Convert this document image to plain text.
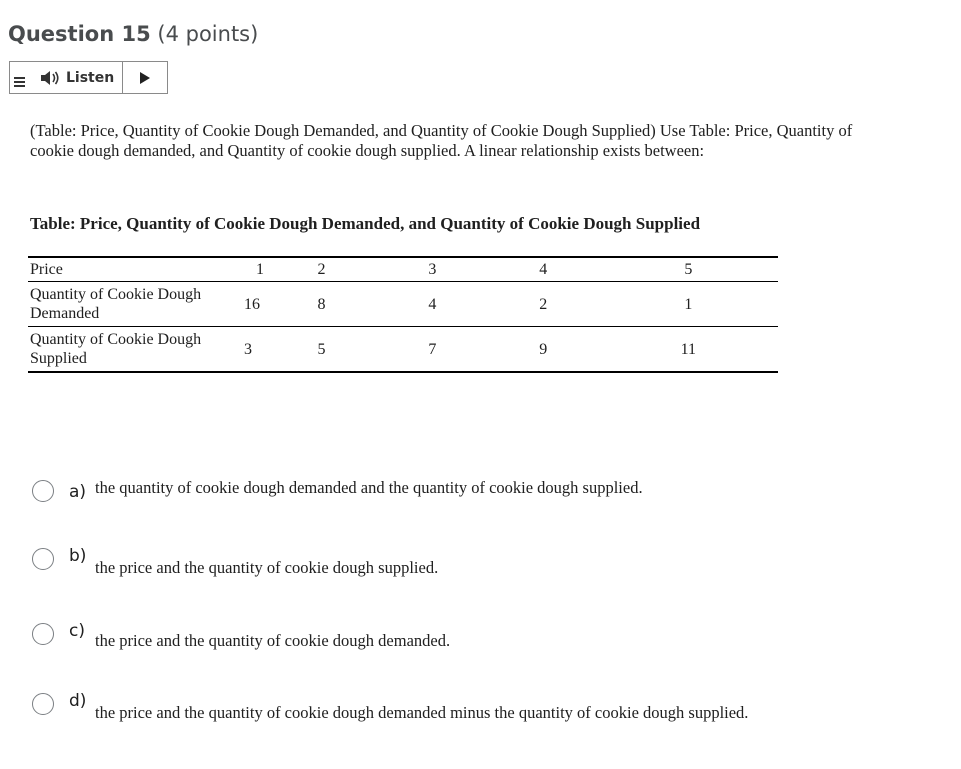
Question 15 (4 points)
Listen
(Table: Price, Quantity of Cookie Dough Demanded, and Quantity of Cookie Dough Supplied) Use Table: Price, Quantity of cookie dough demanded, and Quantity of cookie dough supplied. A linear relationship exists between:
Table: Price, Quantity of Cookie Dough Demanded, and Quantity of Cookie Dough Supplied
Price	1	2	3	4	5
Quantity of Cookie Dough Demanded	16	8	4	2	1
Quantity of Cookie Dough Supplied	3	5	7	9	11
a) the quantity of cookie dough demanded and the quantity of cookie dough supplied.
b)
the price and the quantity of cookie dough supplied.
c) the price and the quantity of cookie dough demanded.
d)
the price and the quantity of cookie dough demanded minus the quantity of cookie dough supplied.
